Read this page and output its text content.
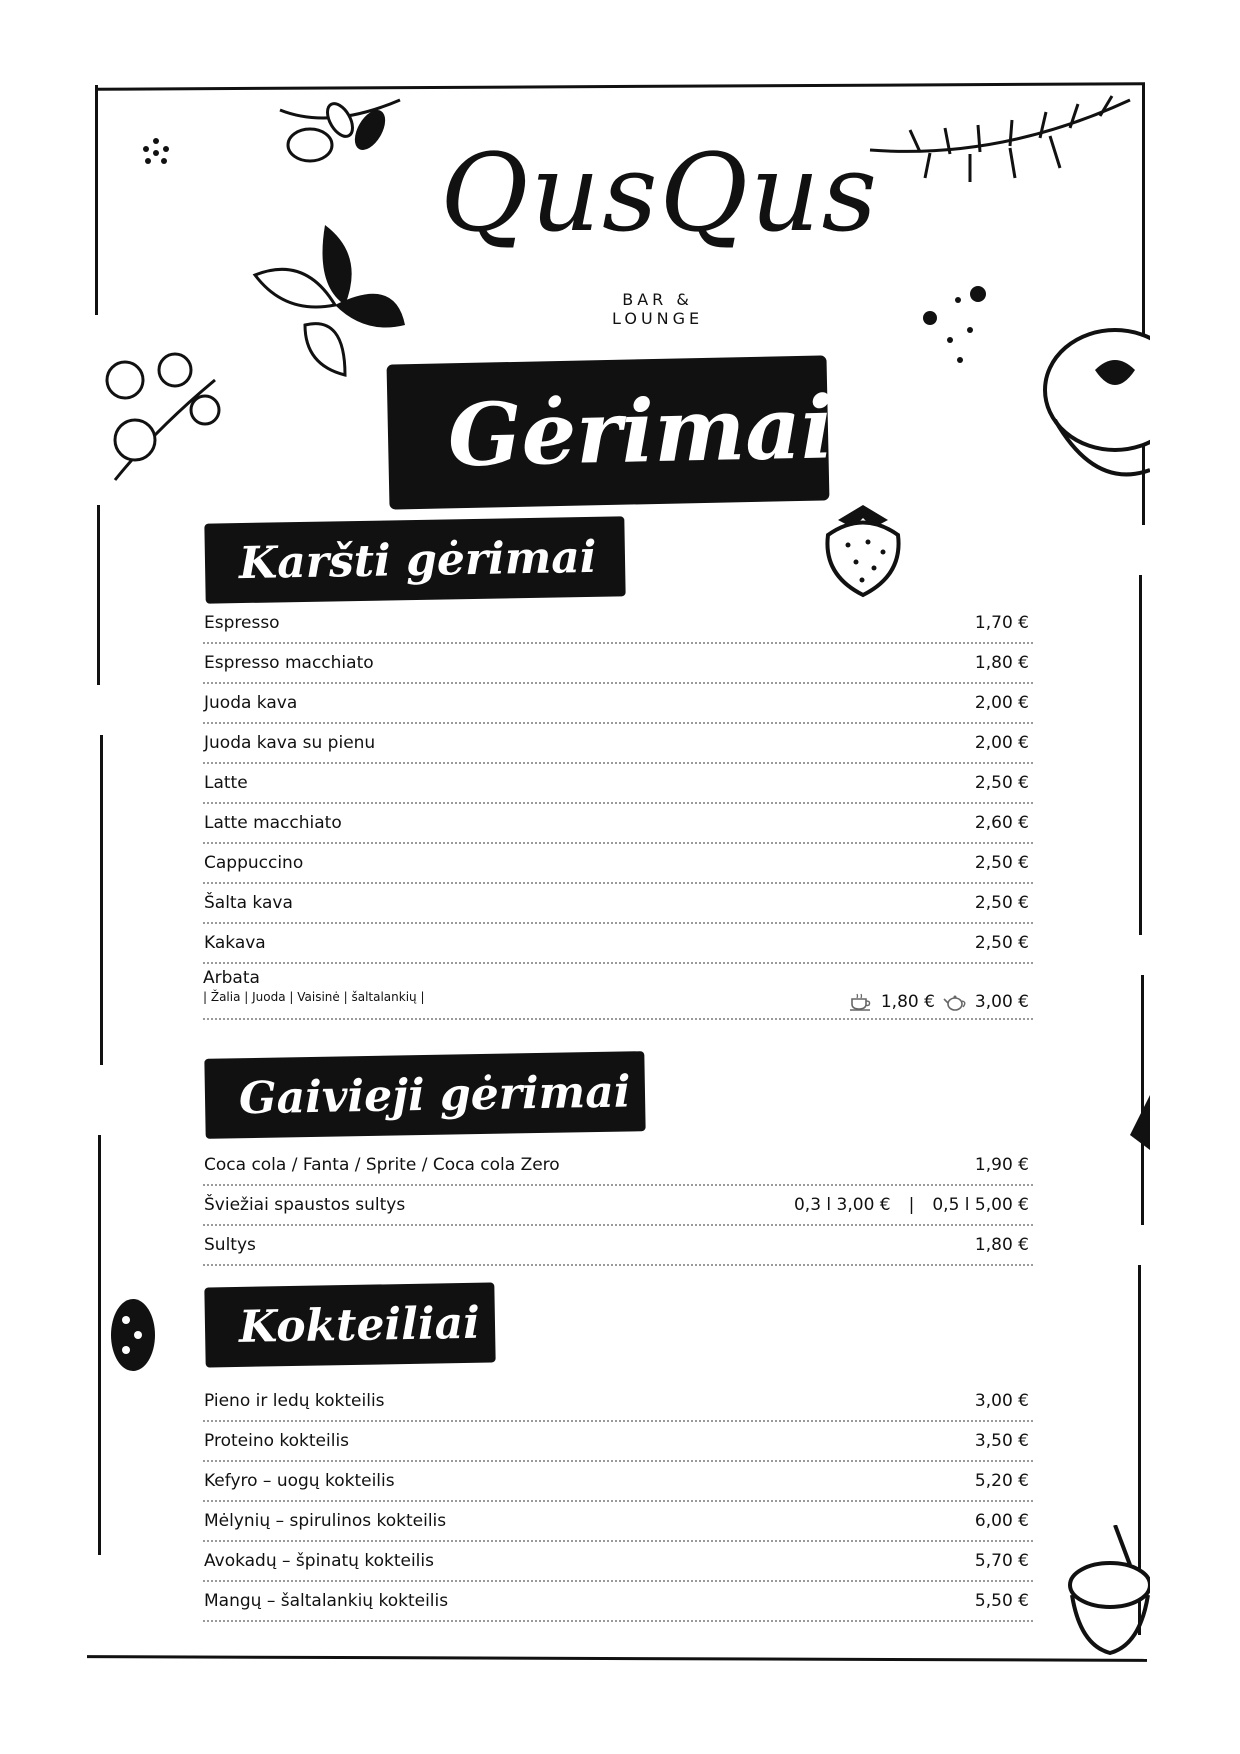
QusQus
BAR &
LOUNGE
Gėrimai
Karšti gėrimai
Espresso	1,70 €
Espresso macchiato	1,80 €
Juoda kava	2,00 €
Juoda kava su pienu	2,00 €
Latte	2,50 €
Latte macchiato	2,60 €
Cappuccino	2,50 €
Šalta kava	2,50 €
Kakava	2,50 €
Arbata
| Žalia | Juoda | Vaisinė | šaltalankių |	1,80 € 3,00 €
Gaivieji gėrimai
Coca cola / Fanta / Sprite / Coca cola Zero	1,90 €
Šviežiai spaustos sultys	0,3 l 3,00 € | 0,5 l 5,00 €
Sultys	1,80 €
Kokteiliai
Pieno ir ledų kokteilis	3,00 €
Proteino kokteilis	3,50 €
Kefyro – uogų kokteilis	5,20 €
Mėlynių – spirulinos kokteilis	6,00 €
Avokadų – špinatų kokteilis	5,70 €
Mangų – šaltalankių kokteilis	5,50 €
